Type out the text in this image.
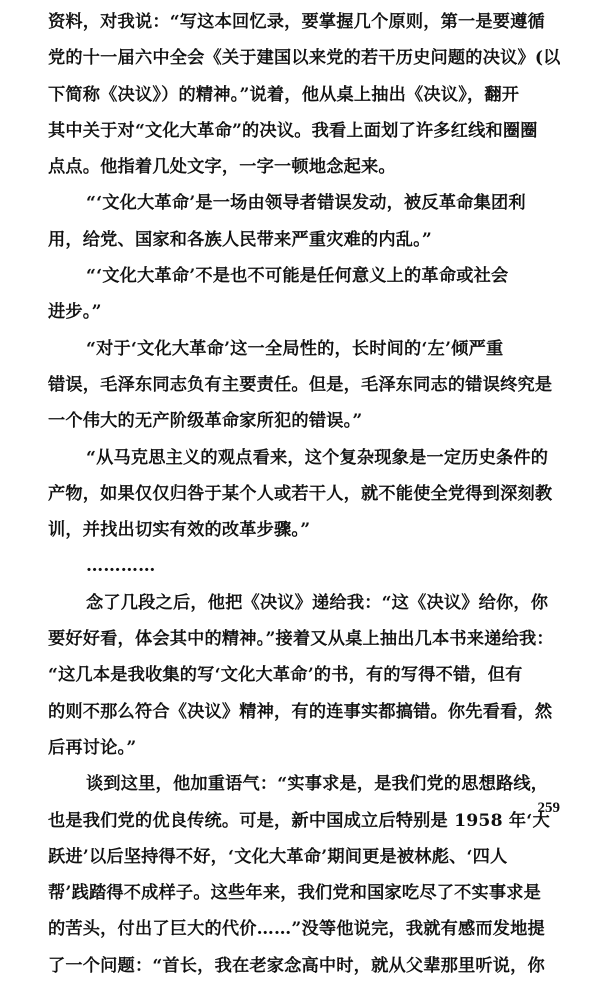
资料，对我说：“写这本回忆录，要掌握几个原则，第一是要遵循
党的十一届六中全会《关于建国以来党的若干历史问题的决议》(以
下简称《决议》）的精神。”说着，他从桌上抽出《决议》，翻开
其中关于对“文化大革命”的决议。我看上面划了许多红线和圈圈
点点。他指着几处文字，一字一顿地念起来。
“‘文化大革命’是一场由领导者错误发动，被反革命集团利
用，给党、国家和各族人民带来严重灾难的内乱。”
“‘文化大革命’不是也不可能是任何意义上的革命或社会
进步。”
“对于‘文化大革命’这一全局性的，长时间的‘左’倾严重
错误，毛泽东同志负有主要责任。但是，毛泽东同志的错误终究是
一个伟大的无产阶级革命家所犯的错误。”
“从马克思主义的观点看来，这个复杂现象是一定历史条件的
产物，如果仅仅归咎于某个人或若干人，就不能使全党得到深刻教
训，并找出切实有效的改革步骤。”
…………
念了几段之后，他把《决议》递给我：“这《决议》给你，你
要好好看，体会其中的精神。”接着又从桌上抽出几本书来递给我：
“这几本是我收集的写‘文化大革命’的书，有的写得不错，但有
的则不那么符合《决议》精神，有的连事实都搞错。你先看看，然
后再讨论。”
谈到这里，他加重语气：“实事求是，是我们党的思想路线，
也是我们党的优良传统。可是，新中国成立后特别是 1958 年‘大
跃进’以后坚持得不好，‘文化大革命’期间更是被林彪、‘四人
帮’践踏得不成样子。这些年来，我们党和国家吃尽了不实事求是
的苦头，付出了巨大的代价……”没等他说完，我就有感而发地提
了一个问题：“首长，我在老家念高中时，就从父辈那里听说，你
259
